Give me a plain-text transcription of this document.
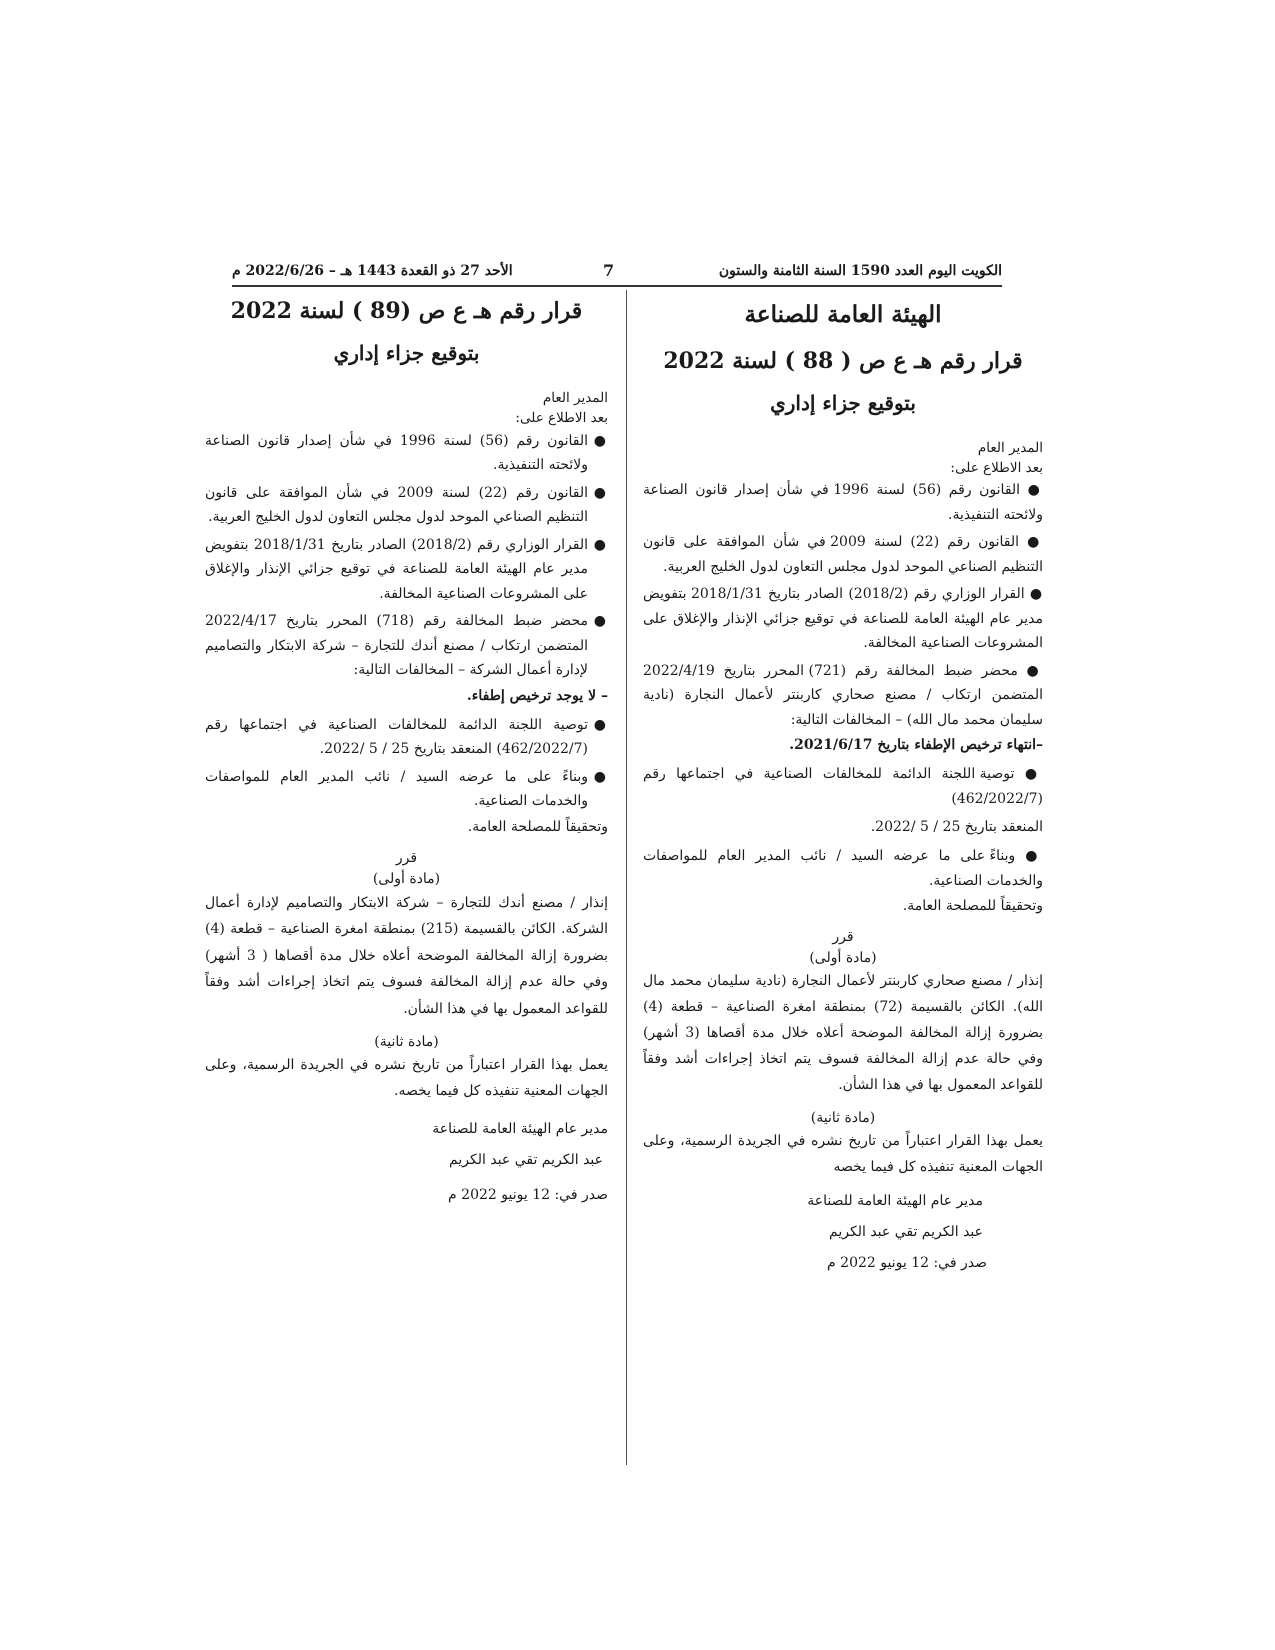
الكويت اليوم العدد 1590 السنة الثامنة والستون
7
الأحد 27 ذو القعدة 1443 هـ – 2022/6/26 م

الهيئة العامة للصناعة

قرار رقم هـ ع ص ( 88 ) لسنة 2022

بتوقيع جزاء إداري

المدير العام

بعد الاطلاع على:

● القانون رقم (56) لسنة 1996 في شأن إصدار قانون الصناعة ولائحته التنفيذية.

● القانون رقم (22) لسنة 2009 في شأن الموافقة على قانون التنظيم الصناعي الموحد لدول مجلس التعاون لدول الخليج العربية.

● القرار الوزاري رقم (2018/2) الصادر بتاريخ 2018/1/31 بتفويض مدير عام الهيئة العامة للصناعة في توقيع جزائي الإنذار والإغلاق على المشروعات الصناعية المخالفة.

● محضر ضبط المخالفة رقم (721) المحرر بتاريخ 2022/4/19 المتضمن ارتكاب / مصنع صحاري كاربنتر لأعمال النجارة (نادية سليمان محمد مال الله) – المخالفات التالية:

–انتهاء ترخيص الإطفاء بتاريخ 2021/6/17.

● توصية اللجنة الدائمة للمخالفات الصناعية في اجتماعها رقم (462/2022/7)

المنعقد بتاريخ 25 / 5 /2022.

● وبناءً على ما عرضه السيد / نائب المدير العام للمواصفات والخدمات الصناعية.

وتحقيقاً للمصلحة العامة.

قرر

(مادة أولى)

إنذار / مصنع صحاري كاربنتر لأعمال النجارة (نادية سليمان محمد مال الله). الكائن بالقسيمة (72) بمنطقة امغرة الصناعية – قطعة (4) بضرورة إزالة المخالفة الموضحة أعلاه خلال مدة أقصاها (3 أشهر) وفي حالة عدم إزالة المخالفة فسوف يتم اتخاذ إجراءات أشد وفقاً للقواعد المعمول بها في هذا الشأن.

(مادة ثانية)

يعمل بهذا القرار اعتباراً من تاريخ نشره في الجريدة الرسمية، وعلى الجهات المعنية تنفيذه كل فيما يخصه

مدير عام الهيئة العامة للصناعة

عبد الكريم تقي عبد الكريم

صدر في: 12 يونيو 2022 م

قرار رقم هـ ع ص (89 ) لسنة 2022

بتوقيع جزاء إداري

المدير العام

بعد الاطلاع على:

●
القانون رقم (56) لسنة 1996 في شأن إصدار قانون الصناعة ولائحته التنفيذية.

●
القانون رقم (22) لسنة 2009 في شأن الموافقة على قانون التنظيم الصناعي الموحد لدول مجلس التعاون لدول الخليج العربية.

●
القرار الوزاري رقم (2018/2) الصادر بتاريخ 2018/1/31 بتفويض مدير عام الهيئة العامة للصناعة في توقيع جزائي الإنذار والإغلاق على المشروعات الصناعية المخالفة.

●
محضر ضبط المخالفة رقم (718) المحرر بتاريخ 2022/4/17 المتضمن ارتكاب / مصنع أندك للتجارة – شركة الابتكار والتصاميم لإدارة أعمال الشركة – المخالفات التالية:

– لا يوجد ترخيص إطفاء.

●
توصية اللجنة الدائمة للمخالفات الصناعية في اجتماعها رقم (462/2022/7) المنعقد بتاريخ 25 / 5 /2022.

●
وبناءً على ما عرضه السيد / نائب المدير العام للمواصفات والخدمات الصناعية.

وتحقيقاً للمصلحة العامة.

قرر

(مادة أولى)

إنذار / مصنع أندك للتجارة – شركة الابتكار والتصاميم لإدارة أعمال الشركة. الكائن بالقسيمة (215) بمنطقة امغرة الصناعية – قطعة (4) بضرورة إزالة المخالفة الموضحة أعلاه خلال مدة أقصاها ( 3 أشهر) وفي حالة عدم إزالة المخالفة فسوف يتم اتخاذ إجراءات أشد وفقاً للقواعد المعمول بها في هذا الشأن.

(مادة ثانية)

يعمل بهذا القرار اعتباراً من تاريخ نشره في الجريدة الرسمية، وعلى الجهات المعنية تنفيذه كل فيما يخصه.

مدير عام الهيئة العامة للصناعة

عبد الكريم تقي عبد الكريم

صدر في: 12 يونيو 2022 م
